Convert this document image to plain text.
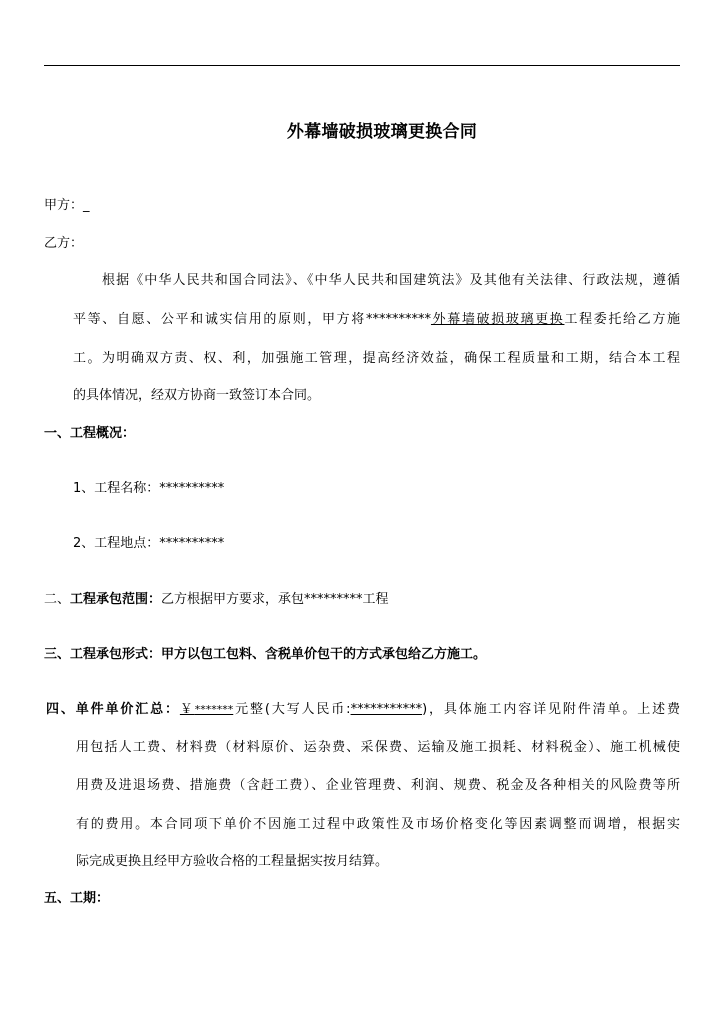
外幕墙破损玻璃更换合同
甲方：_
乙方：
根据《中华人民共和国合同法》、《中华人民共和国建筑法》及其他有关法律、行政法规，遵循
平等、自愿、公平和诚实信用的原则，甲方将**********外幕墙破损玻璃更换工程委托给乙方施
工。为明确双方责、权、利，加强施工管理，提高经济效益，确保工程质量和工期，结合本工程
的具体情况，经双方协商一致签订本合同。
一、工程概况：
1、工程名称：**********
2、工程地点：**********
二、工程承包范围：乙方根据甲方要求，承包*********工程
三、工程承包形式：甲方以包工包料、含税单价包干的方式承包给乙方施工。
四、单件单价汇总：￥*******元整(大写人民币:***********)，具体施工内容详见附件清单。上述费
用包括人工费、材料费（材料原价、运杂费、采保费、运输及施工损耗、材料税金）、施工机械使
用费及进退场费、措施费（含赶工费）、企业管理费、利润、规费、税金及各种相关的风险费等所
有的费用。本合同项下单价不因施工过程中政策性及市场价格变化等因素调整而调增，根据实
际完成更换且经甲方验收合格的工程量据实按月结算。
五、工期：
